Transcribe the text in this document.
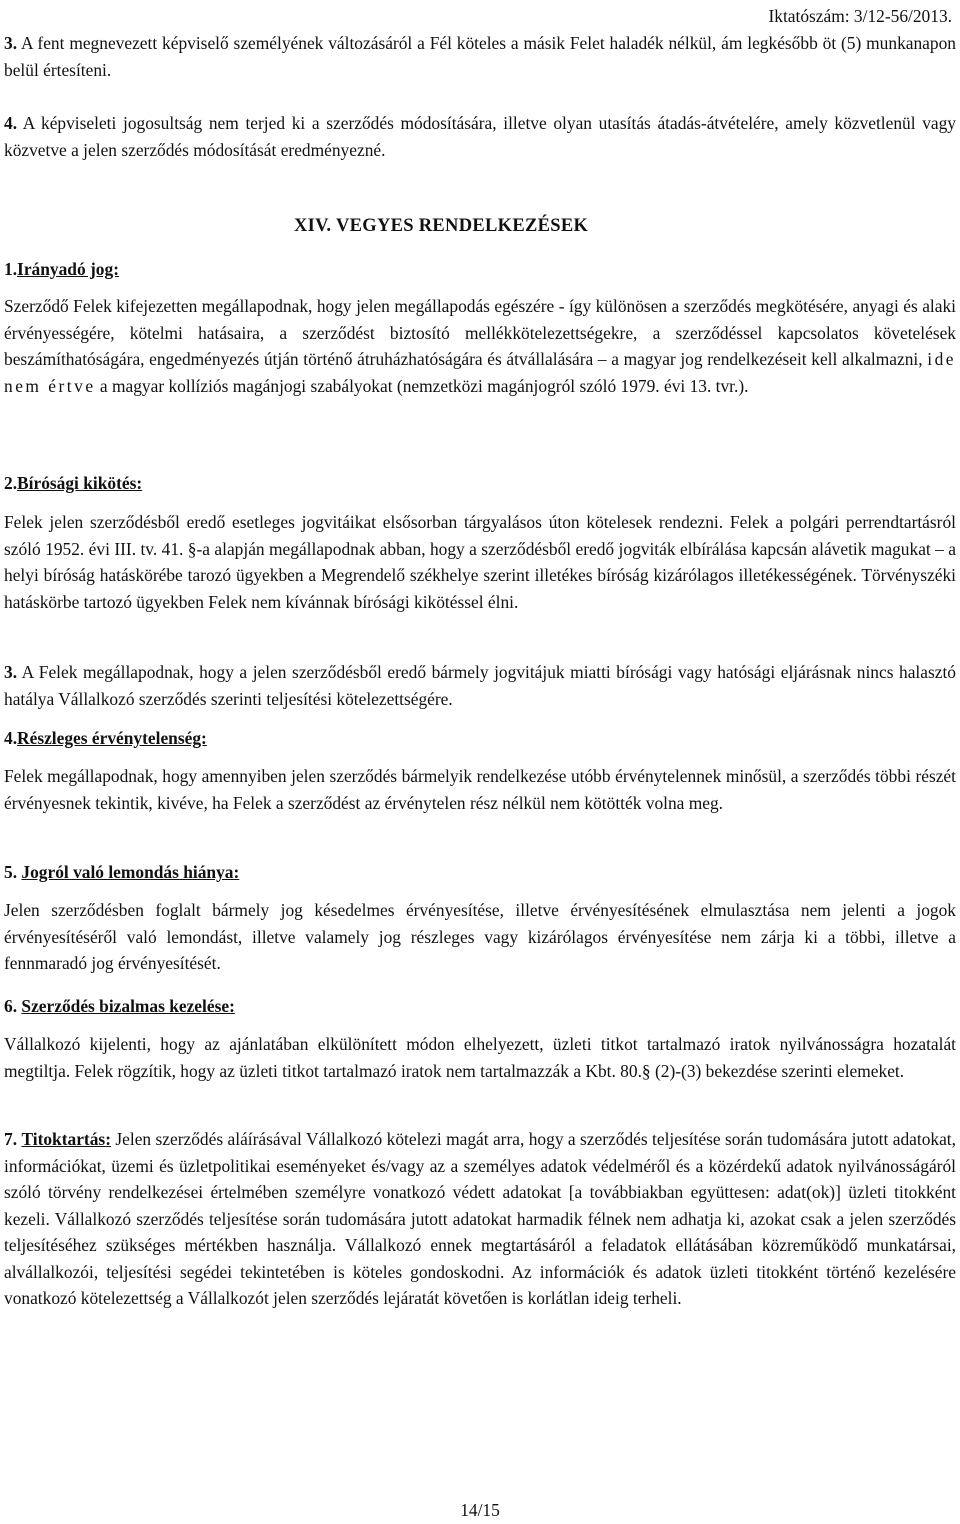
Iktatószám: 3/12-56/2013.

3. A fent megnevezett képviselő személyének változásáról a Fél köteles a másik Felet haladék nélkül, ám legkésőbb öt (5) munkanapon belül értesíteni.

4. A képviseleti jogosultság nem terjed ki a szerződés módosítására, illetve olyan utasítás átadás-átvételére, amely közvetlenül vagy közvetve a jelen szerződés módosítását eredményezné.

XIV. VEGYES RENDELKEZÉSEK

1.Irányadó jog:

Szerződő Felek kifejezetten megállapodnak, hogy jelen megállapodás egészére - így különösen a szerződés megkötésére, anyagi és alaki érvényességére, kötelmi hatásaira, a szerződést biztosító mellékkötelezettségekre, a szerződéssel kapcsolatos követelések beszámíthatóságára, engedményezés útján történő átruházhatóságára és átvállalására – a magyar jog rendelkezéseit kell alkalmazni, ide nem értve a magyar kollíziós magánjogi szabályokat (nemzetközi magánjogról szóló 1979. évi 13. tvr.).

2.Bírósági kikötés:

Felek jelen szerződésből eredő esetleges jogvitáikat elsősorban tárgyalásos úton kötelesek rendezni. Felek a polgári perrendtartásról szóló 1952. évi III. tv. 41. §-a alapján megállapodnak abban, hogy a szerződésből eredő jogviták elbírálása kapcsán alávetik magukat – a helyi bíróság hatáskörébe tarozó ügyekben a Megrendelő székhelye szerint illetékes bíróság kizárólagos illetékességének. Törvényszéki hatáskörbe tartozó ügyekben Felek nem kívánnak bírósági kikötéssel élni.

3. A Felek megállapodnak, hogy a jelen szerződésből eredő bármely jogvitájuk miatti bírósági vagy hatósági eljárásnak nincs halasztó hatálya Vállalkozó szerződés szerinti teljesítési kötelezettségére.

4.Részleges érvénytelenség:

Felek megállapodnak, hogy amennyiben jelen szerződés bármelyik rendelkezése utóbb érvénytelennek minősül, a szerződés többi részét érvényesnek tekintik, kivéve, ha Felek a szerződést az érvénytelen rész nélkül nem kötötték volna meg.

5. Jogról való lemondás hiánya:

Jelen szerződésben foglalt bármely jog késedelmes érvényesítése, illetve érvényesítésének elmulasztása nem jelenti a jogok érvényesítéséről való lemondást, illetve valamely jog részleges vagy kizárólagos érvényesítése nem zárja ki a többi, illetve a fennmaradó jog érvényesítését.

6. Szerződés bizalmas kezelése:

Vállalkozó kijelenti, hogy az ajánlatában elkülönített módon elhelyezett, üzleti titkot tartalmazó iratok nyilvánosságra hozatalát megtiltja. Felek rögzítik, hogy az üzleti titkot tartalmazó iratok nem tartalmazzák a Kbt. 80.§ (2)-(3) bekezdése szerinti elemeket.

7. Titoktartás: Jelen szerződés aláírásával Vállalkozó kötelezi magát arra, hogy a szerződés teljesítése során tudomására jutott adatokat, információkat, üzemi és üzletpolitikai eseményeket és/vagy az a személyes adatok védelméről és a közérdekű adatok nyilvánosságáról szóló törvény rendelkezései értelmében személyre vonatkozó védett adatokat [a továbbiakban együttesen: adat(ok)] üzleti titokként kezeli. Vállalkozó szerződés teljesítése során tudomására jutott adatokat harmadik félnek nem adhatja ki, azokat csak a jelen szerződés teljesítéséhez szükséges mértékben használja. Vállalkozó ennek megtartásáról a feladatok ellátásában közreműködő munkatársai, alvállalkozói, teljesítési segédei tekintetében is köteles gondoskodni. Az információk és adatok üzleti titokként történő kezelésére vonatkozó kötelezettség a Vállalkozót jelen szerződés lejáratát követően is korlátlan ideig terheli.

14/15
